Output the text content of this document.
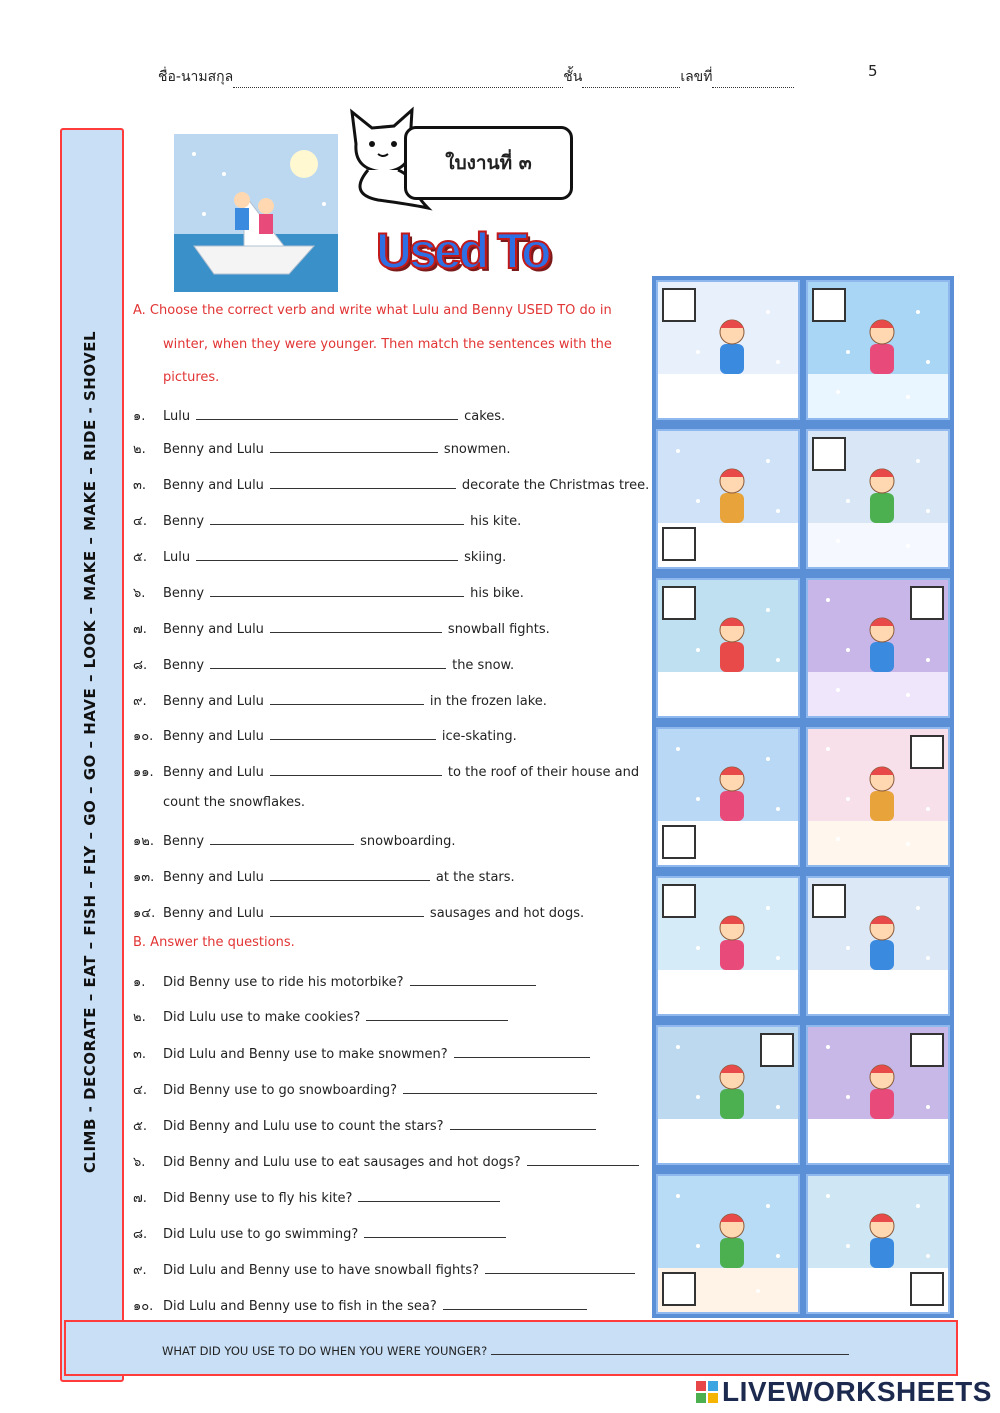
ชื่อ-นามสกุล	ชั้น	เลขที่	5
CLIMB - DECORATE – EAT – FISH – FLY – GO – GO – HAVE – LOOK – MAKE – MAKE – RIDE - SHOVEL
ใบงานที่ ๓
Used To
A. Choose the correct verb and write what Lulu and Benny USED TO do in
winter, when they were younger. Then match the sentences with the
pictures.
๑. Lulu	cakes.
๒. Benny and Lulu	snowmen.
๓. Benny and Lulu	decorate the Christmas tree.
๔. Benny	his kite.
๕. Lulu	skiing.
๖. Benny	his bike.
๗. Benny and Lulu	snowball fights.
๘. Benny	the snow.
๙. Benny and Lulu	in the frozen lake.
๑๐. Benny and Lulu	ice-skating.
๑๑. Benny and Lulu	to the roof of their house and
count the snowflakes.
๑๒. Benny	snowboarding.
๑๓. Benny and Lulu	at the stars.
๑๔. Benny and Lulu	sausages and hot dogs.
B. Answer the questions.
๑. Did Benny use to ride his motorbike?
๒. Did Lulu use to make cookies?
๓. Did Lulu and Benny use to make snowmen?
๔. Did Benny use to go snowboarding?
๕. Did Benny and Lulu use to count the stars?
๖. Did Benny and Lulu use to eat sausages and hot dogs?
๗. Did Benny use to fly his kite?
๘. Did Lulu use to go swimming?
๙. Did Lulu and Benny use to have snowball fights?
๑๐. Did Lulu and Benny use to fish in the sea?
WHAT DID YOU USE TO DO WHEN YOU WERE YOUNGER?
LIVEWORKSHEETS
